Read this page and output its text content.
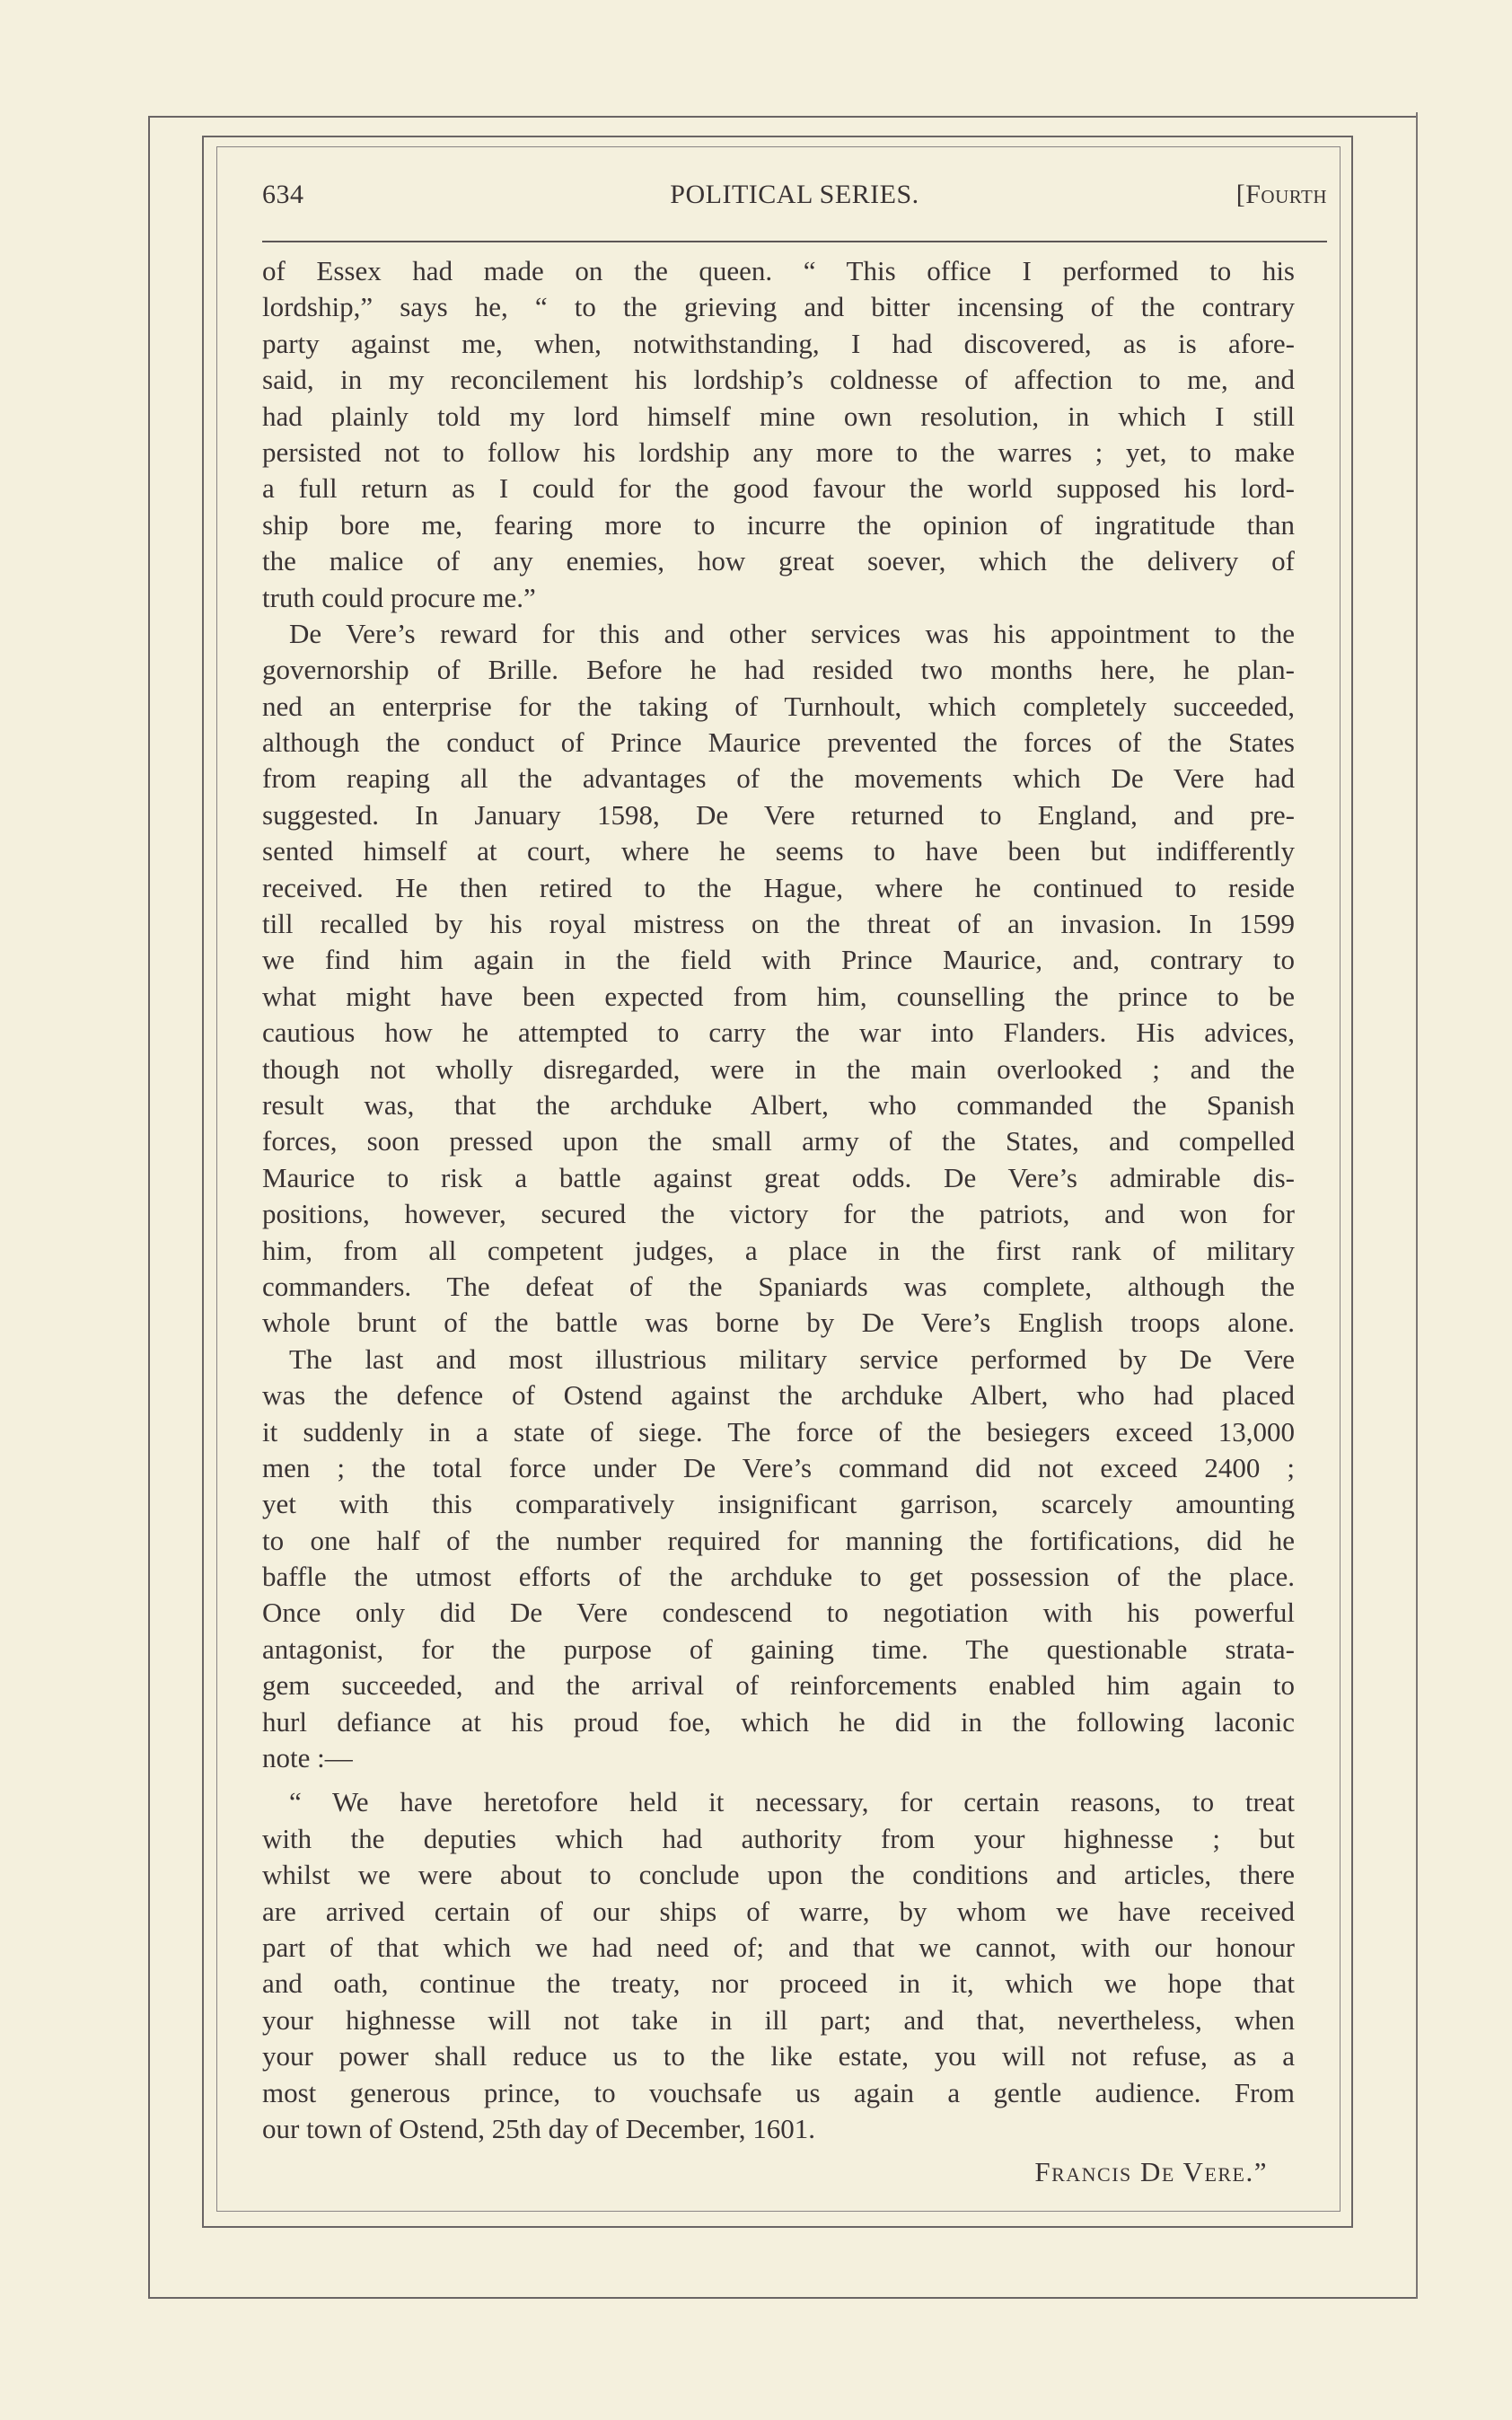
634	POLITICAL SERIES.	[Fourth
of Essex had made on the queen. “ This office I performed to his
lordship,” says he, “ to the grieving and bitter incensing of the contrary
party against me, when, notwithstanding, I had discovered, as is afore-
said, in my reconcilement his lordship’s coldnesse of affection to me, and
had plainly told my lord himself mine own resolution, in which I still
persisted not to follow his lordship any more to the warres ; yet, to make
a full return as I could for the good favour the world supposed his lord-
ship bore me, fearing more to incurre the opinion of ingratitude than
the malice of any enemies, how great soever, which the delivery of
truth could procure me.”
De Vere’s reward for this and other services was his appointment to the
governorship of Brille. Before he had resided two months here, he plan-
ned an enterprise for the taking of Turnhoult, which completely succeeded,
although the conduct of Prince Maurice prevented the forces of the States
from reaping all the advantages of the movements which De Vere had
suggested. In January 1598, De Vere returned to England, and pre-
sented himself at court, where he seems to have been but indifferently
received. He then retired to the Hague, where he continued to reside
till recalled by his royal mistress on the threat of an invasion. In 1599
we find him again in the field with Prince Maurice, and, contrary to
what might have been expected from him, counselling the prince to be
cautious how he attempted to carry the war into Flanders. His advices,
though not wholly disregarded, were in the main overlooked ; and the
result was, that the archduke Albert, who commanded the Spanish
forces, soon pressed upon the small army of the States, and compelled
Maurice to risk a battle against great odds. De Vere’s admirable dis-
positions, however, secured the victory for the patriots, and won for
him, from all competent judges, a place in the first rank of military
commanders. The defeat of the Spaniards was complete, although the
whole brunt of the battle was borne by De Vere’s English troops alone.
The last and most illustrious military service performed by De Vere
was the defence of Ostend against the archduke Albert, who had placed
it suddenly in a state of siege. The force of the besiegers exceed 13,000
men ; the total force under De Vere’s command did not exceed 2400 ;
yet with this comparatively insignificant garrison, scarcely amounting
to one half of the number required for manning the fortifications, did he
baffle the utmost efforts of the archduke to get possession of the place.
Once only did De Vere condescend to negotiation with his powerful
antagonist, for the purpose of gaining time. The questionable strata-
gem succeeded, and the arrival of reinforcements enabled him again to
hurl defiance at his proud foe, which he did in the following laconic
note :—
“ We have heretofore held it necessary, for certain reasons, to treat
with the deputies which had authority from your highnesse ; but
whilst we were about to conclude upon the conditions and articles, there
are arrived certain of our ships of warre, by whom we have received
part of that which we had need of; and that we cannot, with our honour
and oath, continue the treaty, nor proceed in it, which we hope that
your highnesse will not take in ill part; and that, nevertheless, when
your power shall reduce us to the like estate, you will not refuse, as a
most generous prince, to vouchsafe us again a gentle audience. From
our town of Ostend, 25th day of December, 1601.
Francis De Vere.”
